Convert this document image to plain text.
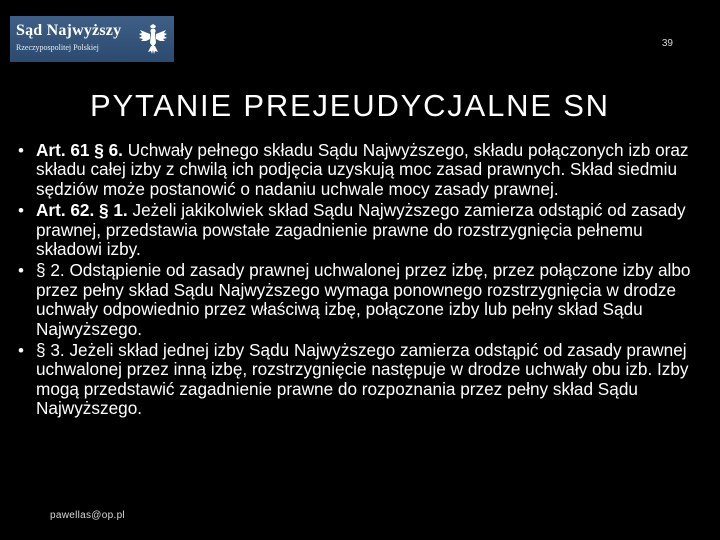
Sąd Najwyższy
Rzeczypospolitej Polskiej	39
PYTANIE PREJEUDYCJALNE SN
• Art. 61 § 6. Uchwały pełnego składu Sądu Najwyższego, składu połączonych izb oraz składu całej izby z chwilą ich podjęcia uzyskują moc zasad prawnych. Skład siedmiu sędziów może postanowić o nadaniu uchwale mocy zasady prawnej.
• Art. 62. § 1. Jeżeli jakikolwiek skład Sądu Najwyższego zamierza odstąpić od zasady prawnej, przedstawia powstałe zagadnienie prawne do rozstrzygnięcia pełnemu składowi izby.
• § 2. Odstąpienie od zasady prawnej uchwalonej przez izbę, przez połączone izby albo przez pełny skład Sądu Najwyższego wymaga ponownego rozstrzygnięcia w drodze uchwały odpowiednio przez właściwą izbę, połączone izby lub pełny skład Sądu Najwyższego.
• § 3. Jeżeli skład jednej izby Sądu Najwyższego zamierza odstąpić od zasady prawnej uchwalonej przez inną izbę, rozstrzygnięcie następuje w drodze uchwały obu izb. Izby mogą przedstawić zagadnienie prawne do rozpoznania przez pełny skład Sądu Najwyższego.
pawellas@op.pl
